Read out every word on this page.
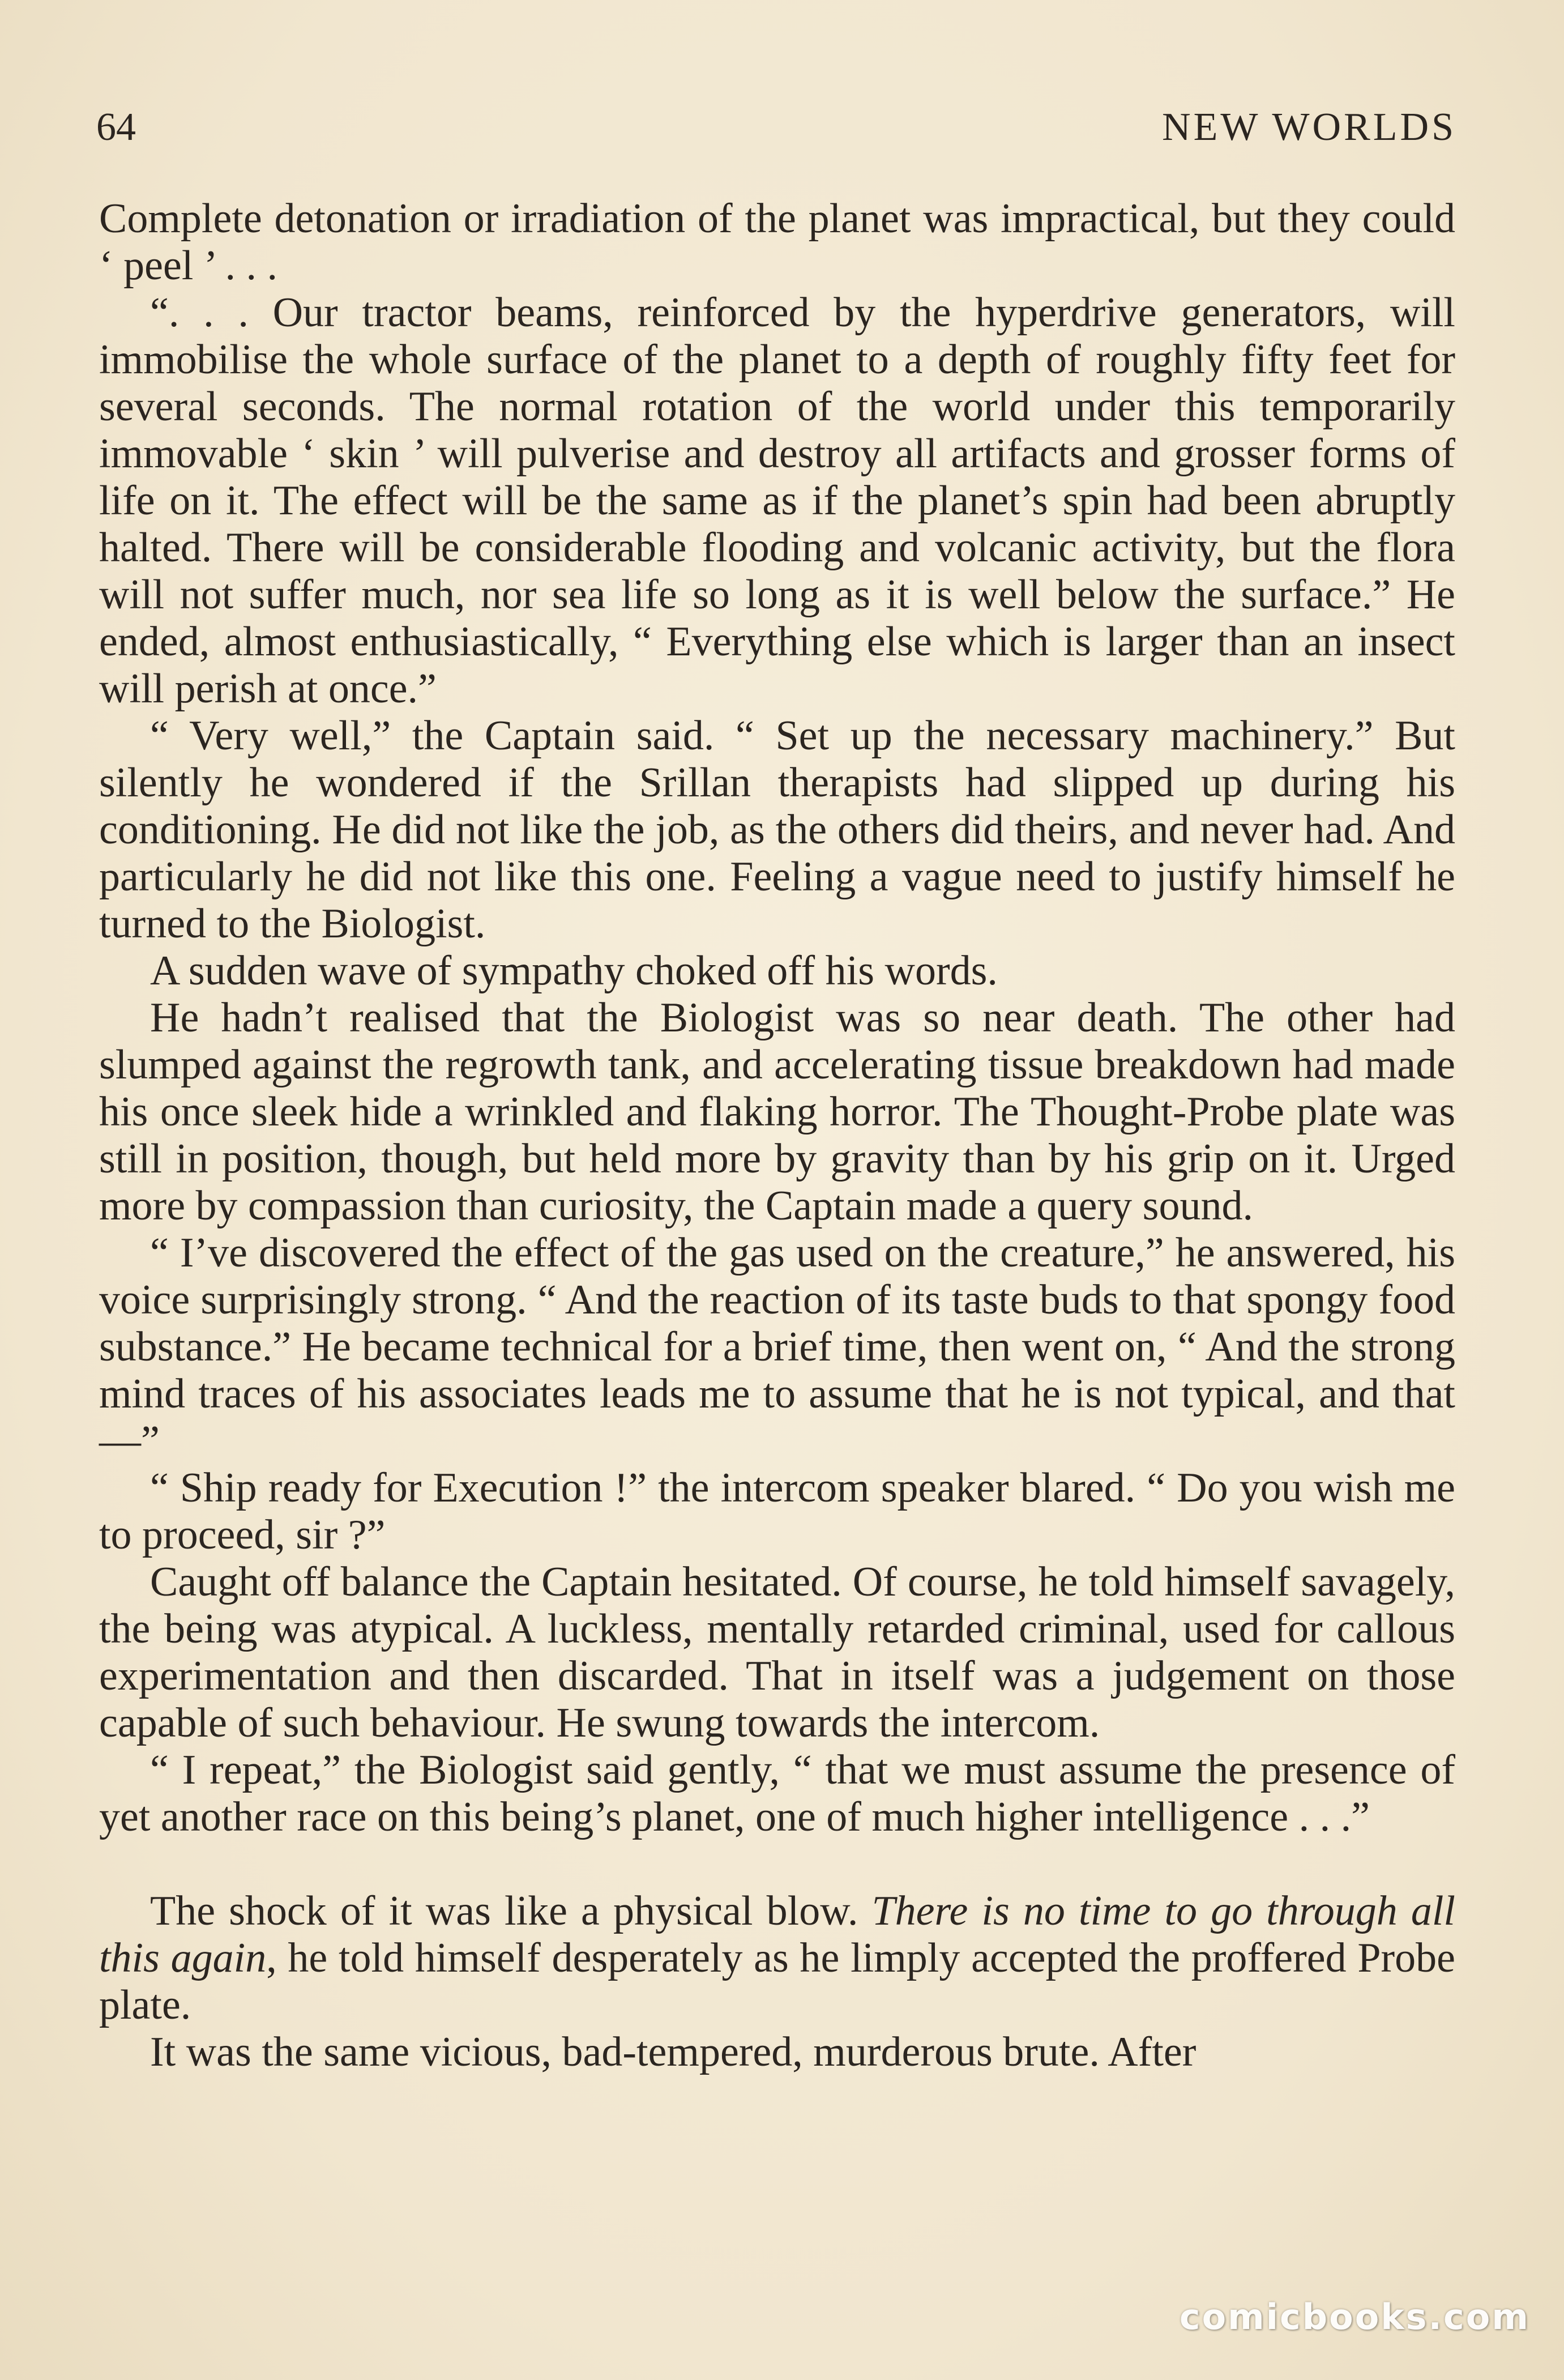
64	NEW WORLDS

Complete detonation or irradiation of the planet was impractical, but they could ‘ peel ’ . . .

“. . . Our tractor beams, reinforced by the hyperdrive generators, will immobilise the whole surface of the planet to a depth of roughly fifty feet for several seconds. The normal rotation of the world under this temporarily immovable ‘ skin ’ will pulverise and destroy all artifacts and grosser forms of life on it. The effect will be the same as if the planet’s spin had been abruptly halted. There will be considerable flooding and volcanic activity, but the flora will not suffer much, nor sea life so long as it is well below the surface.” He ended, almost enthusiastically, “ Everything else which is larger than an insect will perish at once.”

“ Very well,” the Captain said. “ Set up the necessary machinery.” But silently he wondered if the Srillan therapists had slipped up during his conditioning. He did not like the job, as the others did theirs, and never had. And particularly he did not like this one. Feeling a vague need to justify himself he turned to the Biologist.

A sudden wave of sympathy choked off his words.

He hadn’t realised that the Biologist was so near death. The other had slumped against the regrowth tank, and accelerating tissue breakdown had made his once sleek hide a wrinkled and flaking horror. The Thought-Probe plate was still in position, though, but held more by gravity than by his grip on it. Urged more by compassion than curiosity, the Captain made a query sound.

“ I’ve discovered the effect of the gas used on the creature,” he answered, his voice surprisingly strong. “ And the reaction of its taste buds to that spongy food substance.” He became technical for a brief time, then went on, “ And the strong mind traces of his associates leads me to assume that he is not typical, and that—”

“ Ship ready for Execution !” the intercom speaker blared. “ Do you wish me to proceed, sir ?”

Caught off balance the Captain hesitated. Of course, he told himself savagely, the being was atypical. A luckless, mentally retarded criminal, used for callous experimentation and then discarded. That in itself was a judgement on those capable of such behaviour. He swung towards the intercom.

“ I repeat,” the Biologist said gently, “ that we must assume the presence of yet another race on this being’s planet, one of much higher intelligence . . .”

The shock of it was like a physical blow. There is no time to go through all this again, he told himself desperately as he limply accepted the proffered Probe plate.

It was the same vicious, bad-tempered, murderous brute. After

comicbooks.com
